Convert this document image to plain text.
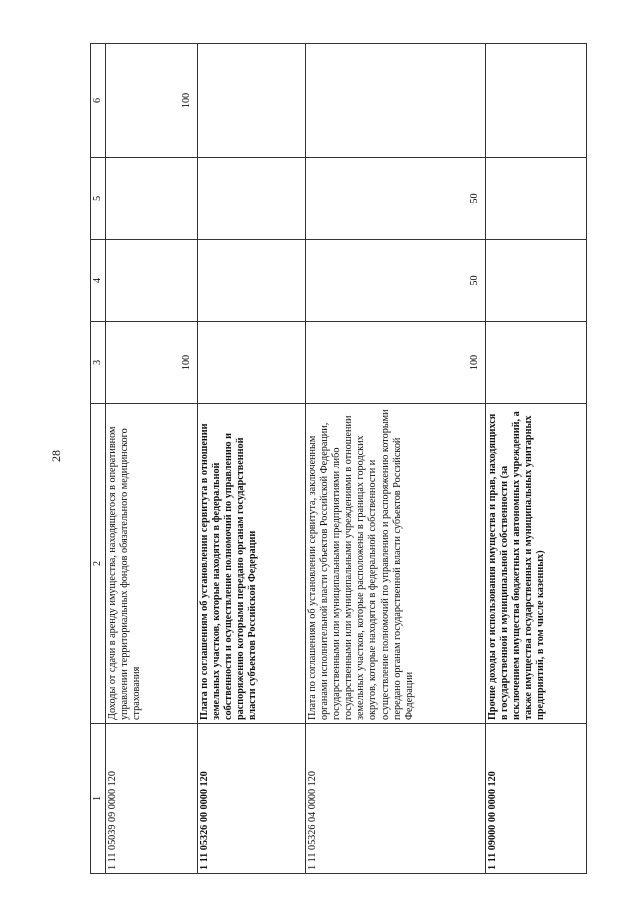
28
1	2	3	4	5	6
1 11 05039 09 0000 120	Доходы от сдачи в аренду имущества, находящегося в оперативном управлении территориальных фондов обязательного медицинского страхования	100			100
1 11 05326 00 0000 120	Плата по соглашениям об установлении сервитута в отношении земельных участков, которые находятся в федеральной собственности и осуществление полномочий по управлению и распоряжению которыми передано органам государственной власти субъектов Российской Федерации				
1 11 05326 04 0000 120	Плата по соглашениям об установлении сервитута, заключенным органами исполнительной власти субъектов Российской Федерации, государственными или муниципальными предприятиями либо государственными или муниципальными учреждениями в отношении земельных участков, которые расположены в границах городских округов, которые находятся в федеральной собственности и осуществление полномочий по управлению и распоряжению которыми передано органам государственной власти субъектов Российской Федерации	100	50	50	
1 11 09000 00 0000 120	Прочие доходы от использования имущества и прав, находящихся в государственной и муниципальной собственности (за исключением имущества бюджетных и автономных учреждений, а также имущества государственных и муниципальных унитарных предприятий, в том числе казенных)				
